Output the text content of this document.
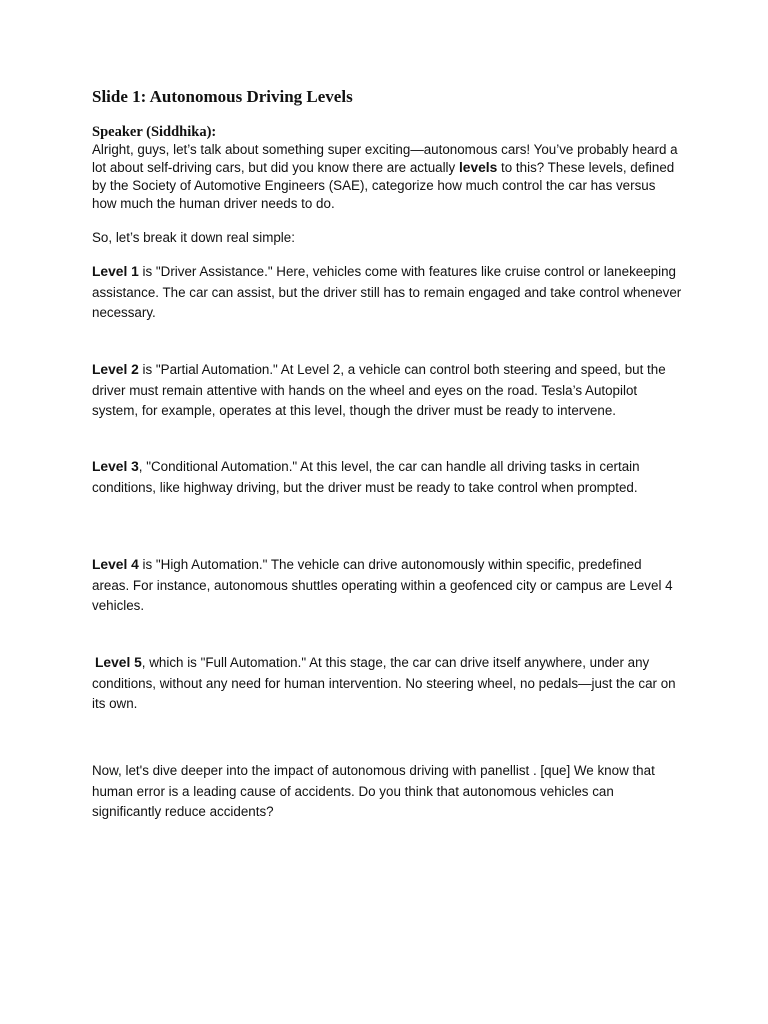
Slide 1: Autonomous Driving Levels

Speaker (Siddhika):

Alright, guys, let’s talk about something super exciting—autonomous cars! You’ve probably heard a lot about self-driving cars, but did you know there are actually levels to this? These levels, defined by the Society of Automotive Engineers (SAE), categorize how much control the car has versus how much the human driver needs to do.

So, let’s break it down real simple:

Level 1 is "Driver Assistance." Here, vehicles come with features like cruise control or lanekeeping assistance. The car can assist, but the driver still has to remain engaged and take control whenever necessary.

Level 2 is "Partial Automation." At Level 2, a vehicle can control both steering and speed, but the driver must remain attentive with hands on the wheel and eyes on the road. Tesla’s Autopilot system, for example, operates at this level, though the driver must be ready to intervene.

Level 3, "Conditional Automation." At this level, the car can handle all driving tasks in certain conditions, like highway driving, but the driver must be ready to take control when prompted.

Level 4 is "High Automation." The vehicle can drive autonomously within specific, predefined areas. For instance, autonomous shuttles operating within a geofenced city or campus are Level 4 vehicles.

Level 5, which is "Full Automation." At this stage, the car can drive itself anywhere, under any conditions, without any need for human intervention. No steering wheel, no pedals—just the car on its own.

Now, let's dive deeper into the impact of autonomous driving with panellist . [que] We know that human error is a leading cause of accidents. Do you think that autonomous vehicles can significantly reduce accidents?
